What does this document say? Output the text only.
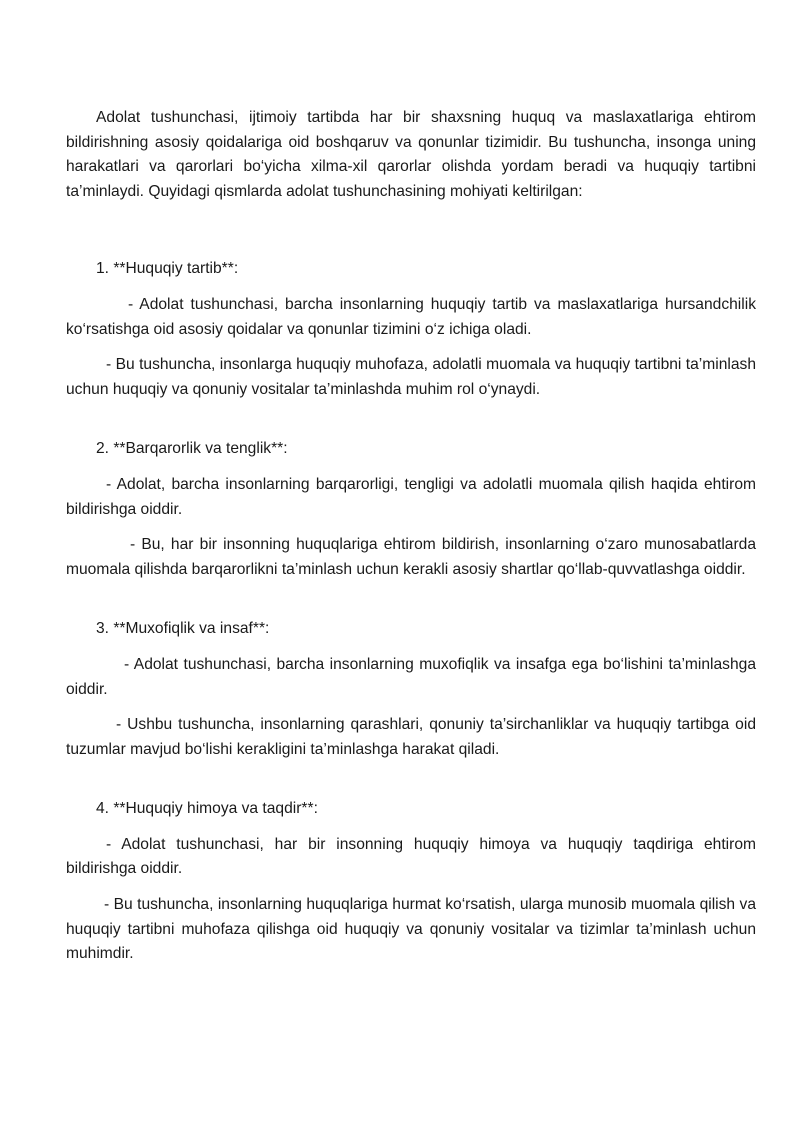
Adolat tushunchasi, ijtimoiy tartibda har bir shaxsning huquq va maslaxatlariga ehtirom bildirishning asosiy qoidalariga oid boshqaruv va qonunlar tizimidir. Bu tushuncha, insonga uning harakatlari va qarorlari bo‘yicha xilma-xil qarorlar olishda yordam beradi va huquqiy tartibni ta’minlaydi. Quyidagi qismlarda adolat tushunchasining mohiyati keltirilgan:

1. **Huquqiy tartib**:

- Adolat tushunchasi, barcha insonlarning huquqiy tartib va maslaxatlariga hursandchilik ko‘rsatishga oid asosiy qoidalar va qonunlar tizimini o‘z ichiga oladi.

- Bu tushuncha, insonlarga huquqiy muhofaza, adolatli muomala va huquqiy tartibni ta’minlash uchun huquqiy va qonuniy vositalar ta’minlashda muhim rol o‘ynaydi.

2. **Barqarorlik va tenglik**:

- Adolat, barcha insonlarning barqarorligi, tengligi va adolatli muomala qilish haqida ehtirom bildirishga oiddir.

- Bu, har bir insonning huquqlariga ehtirom bildirish, insonlarning o‘zaro munosabatlarda muomala qilishda barqarorlikni ta’minlash uchun kerakli asosiy shartlar qo‘llab-quvvatlashga oiddir.

3. **Muxofiqlik va insaf**:

- Adolat tushunchasi, barcha insonlarning muxofiqlik va insafga ega bo‘lishini ta’minlashga oiddir.

- Ushbu tushuncha, insonlarning qarashlari, qonuniy ta’sirchanliklar va huquqiy tartibga oid tuzumlar mavjud bo‘lishi kerakligini ta’minlashga harakat qiladi.

4. **Huquqiy himoya va taqdir**:

- Adolat tushunchasi, har bir insonning huquqiy himoya va huquqiy taqdiriga ehtirom bildirishga oiddir.

- Bu tushuncha, insonlarning huquqlariga hurmat ko‘rsatish, ularga munosib muomala qilish va huquqiy tartibni muhofaza qilishga oid huquqiy va qonuniy vositalar va tizimlar ta’minlash uchun muhimdir.
